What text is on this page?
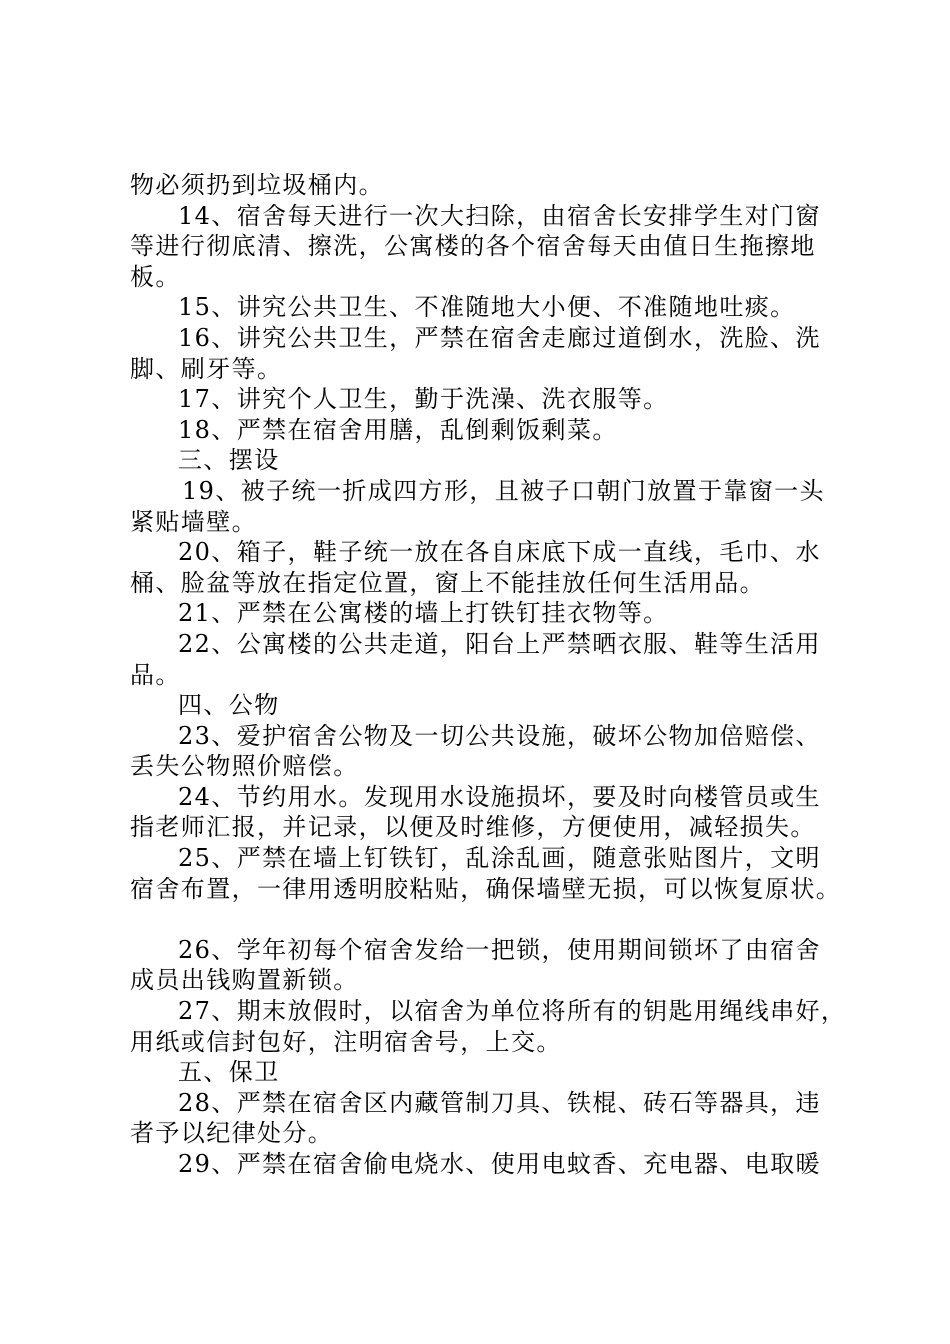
物必须扔到垃圾桶内。
14、宿舍每天进行一次大扫除，由宿舍长安排学生对门窗
等进行彻底清、擦洗，公寓楼的各个宿舍每天由值日生拖擦地
板。
15、讲究公共卫生、不准随地大小便、不准随地吐痰。
16、讲究公共卫生，严禁在宿舍走廊过道倒水，洗脸、洗
脚、刷牙等。
17、讲究个人卫生，勤于洗澡、洗衣服等。
18、严禁在宿舍用膳，乱倒剩饭剩菜。
三、摆设
19、被子统一折成四方形，且被子口朝门放置于靠窗一头
紧贴墙壁。
20、箱子，鞋子统一放在各自床底下成一直线，毛巾、水
桶、脸盆等放在指定位置，窗上不能挂放任何生活用品。
21、严禁在公寓楼的墙上打铁钉挂衣物等。
22、公寓楼的公共走道，阳台上严禁晒衣服、鞋等生活用
品。
四、公物
23、爱护宿舍公物及一切公共设施，破坏公物加倍赔偿、
丢失公物照价赔偿。
24、节约用水。发现用水设施损坏，要及时向楼管员或生
指老师汇报，并记录，以便及时维修，方便使用，减轻损失。
25、严禁在墙上钉铁钉，乱涂乱画，随意张贴图片，文明
宿舍布置，一律用透明胶粘贴，确保墙壁无损，可以恢复原状。
26、学年初每个宿舍发给一把锁，使用期间锁坏了由宿舍
成员出钱购置新锁。
27、期末放假时，以宿舍为单位将所有的钥匙用绳线串好，
用纸或信封包好，注明宿舍号，上交。
五、保卫
28、严禁在宿舍区内藏管制刀具、铁棍、砖石等器具，违
者予以纪律处分。
29、严禁在宿舍偷电烧水、使用电蚊香、充电器、电取暖
